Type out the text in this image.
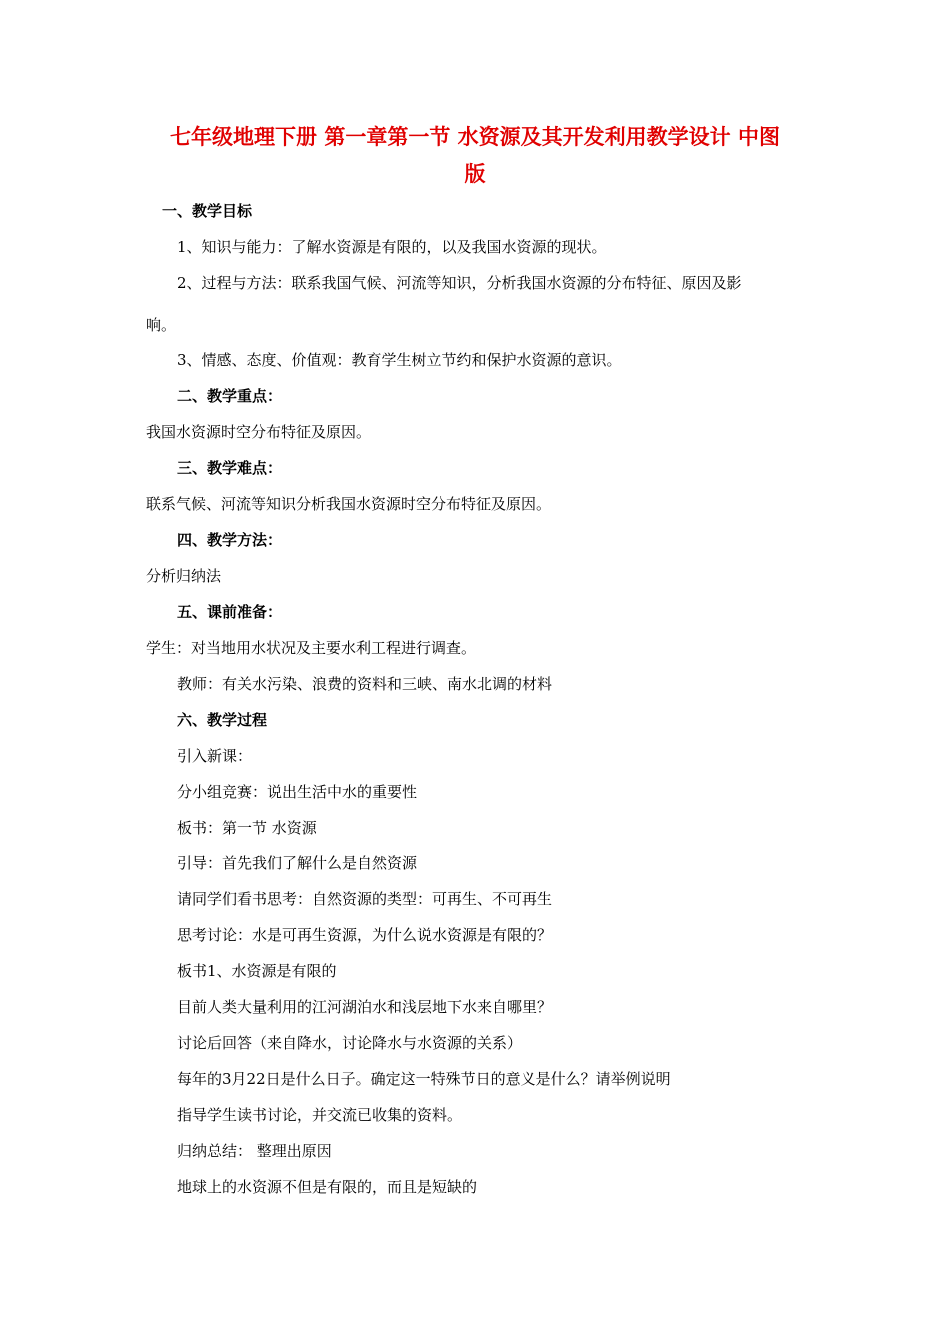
七年级地理下册 第一章第一节 水资源及其开发利用教学设计 中图
版
一、教学目标
1、知识与能力：了解水资源是有限的，以及我国水资源的现状。
2、过程与方法：联系我国气候、河流等知识，分析我国水资源的分布特征、原因及影
响。
3、情感、态度、价值观：教育学生树立节约和保护水资源的意识。
二、教学重点：
我国水资源时空分布特征及原因。
三、教学难点：
联系气候、河流等知识分析我国水资源时空分布特征及原因。
四、教学方法：
分析归纳法
五、课前准备：
学生：对当地用水状况及主要水利工程进行调查。
教师：有关水污染、浪费的资料和三峡、南水北调的材料
六、教学过程
引入新课：
分小组竞赛：说出生活中水的重要性
板书：第一节 水资源
引导：首先我们了解什么是自然资源
请同学们看书思考：自然资源的类型：可再生、不可再生
思考讨论：水是可再生资源，为什么说水资源是有限的？
板书1、水资源是有限的
目前人类大量利用的江河湖泊水和浅层地下水来自哪里？
讨论后回答（来自降水，讨论降水与水资源的关系）
每年的3月22日是什么日子。确定这一特殊节日的意义是什么？请举例说明
指导学生读书讨论，并交流已收集的资料。
归纳总结： 整理出原因
地球上的水资源不但是有限的，而且是短缺的
